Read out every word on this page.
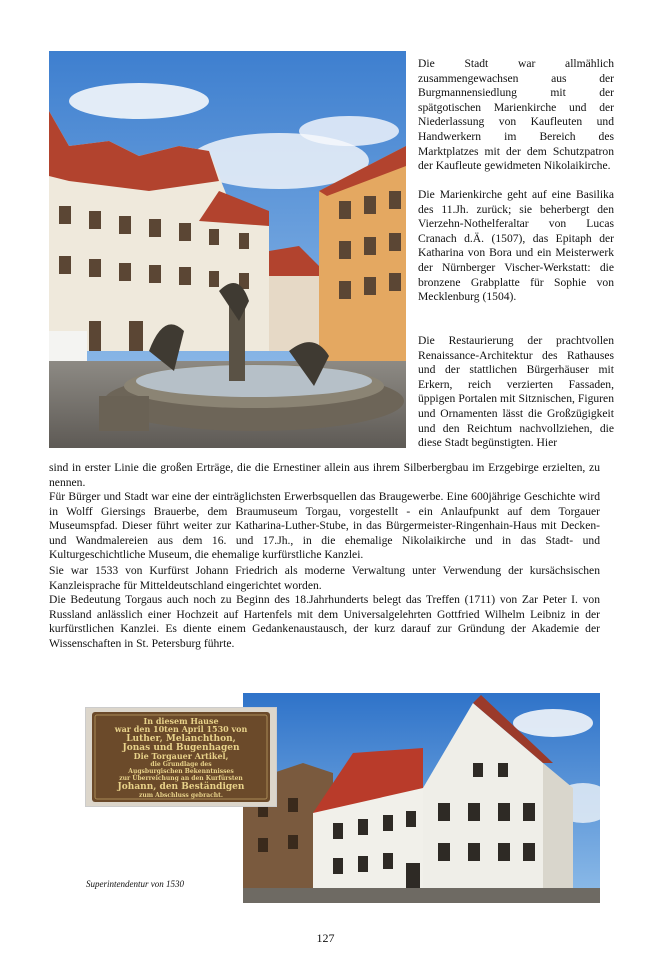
Die Stadt war allmählich zusammengewachsen aus der Burgmannensiedlung mit der spätgotischen Marienkirche und der Niederlassung von Kaufleuten und Handwerkern im Bereich des Marktplatzes mit der dem Schutzpatron der Kaufleute gewidmeten Nikolaikirche.

Die Marienkirche geht auf eine Basilika des 11.Jh. zurück; sie beherbergt den Vierzehn-Nothelferaltar von Lucas Cranach d.Ä. (1507), das Epitaph der Katharina von Bora und ein Meisterwerk der Nürnberger Vischer-Werkstatt: die bronzene Grabplatte für Sophie von Mecklenburg (1504).

Die Restaurierung der prachtvollen Renaissance-Architektur des Rathauses und der stattlichen Bürgerhäuser mit Erkern, reich verzierten Fassaden, üppigen Portalen mit Sitznischen, Figuren und Ornamenten lässt die Großzügigkeit und den Reichtum nachvollziehen, die diese Stadt begünstigten. Hier

sind in erster Linie die großen Erträge, die die Ernestiner allein aus ihrem Silberbergbau im Erzgebirge erzielten, zu nennen.

Für Bürger und Stadt war eine der einträglichsten Erwerbsquellen das Braugewerbe. Eine 600jährige Geschichte wird in Wolff Giersings Brauerbe, dem Braumuseum Torgau, vorgestellt - ein Anlaufpunkt auf dem Torgauer Museumspfad. Dieser führt weiter zur Katharina-Luther-Stube, in das Bürgermeister-Ringenhain-Haus mit Decken- und Wandmalereien aus dem 16. und 17.Jh., in die ehemalige Nikolaikirche und in das Stadt- und Kulturgeschichtliche Museum, die ehemalige kurfürstliche Kanzlei.

Sie war 1533 von Kurfürst Johann Friedrich als moderne Verwaltung unter Verwendung der kursächsischen Kanzleisprache für Mitteldeutschland eingerichtet worden.

Die Bedeutung Torgaus auch noch zu Beginn des 18.Jahrhunderts belegt das Treffen (1711) von Zar Peter I. von Russland anlässlich einer Hochzeit auf Hartenfels mit dem Universalgelehrten Gottfried Wilhelm Leibniz in der kurfürstlichen Kanzlei. Es diente einem Gedankenaustausch, der kurz darauf zur Gründung der Akademie der Wissenschaften in St. Petersburg führte.

In diesem Hause
war den 10ten April 1530 von
Luther, Melanchthon,
Jonas und Bugenhagen
Die Torgauer Artikel,
die Grundlage des
Augsburgischen Bekenntnisses
zur Überreichung an den Kurfürsten
Johann, den Beständigen
zum Abschluss gebracht.

Superintendentur von 1530

127
